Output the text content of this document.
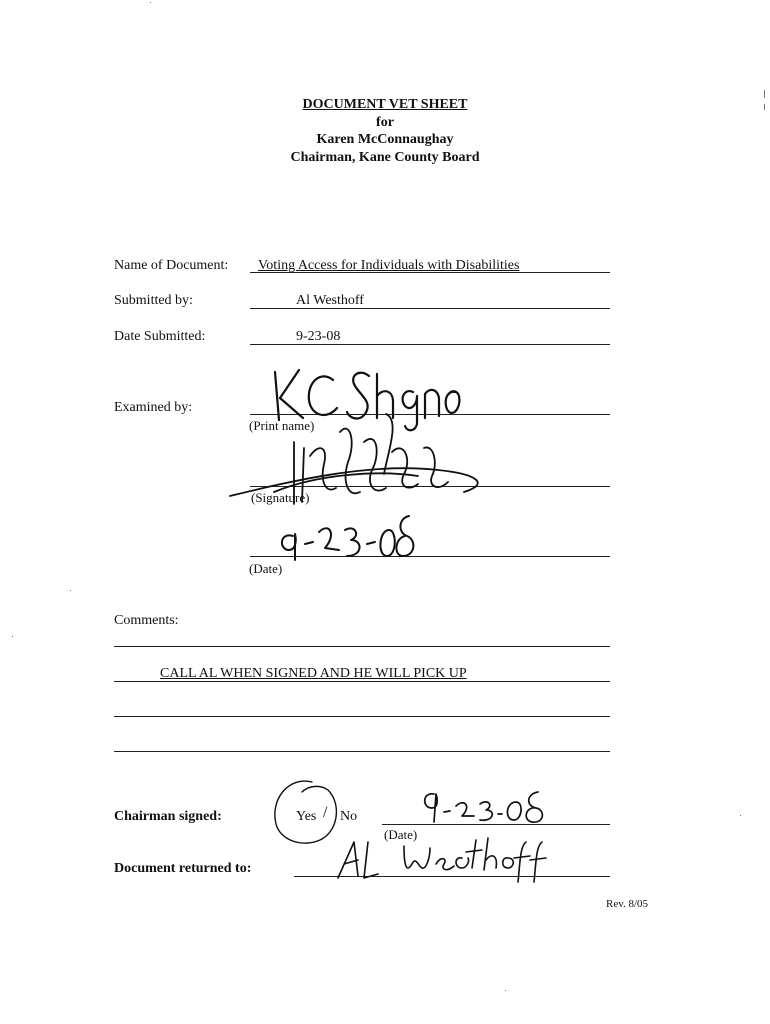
DOCUMENT VET SHEET
for
Karen McConnaughay
Chairman, Kane County Board
Name of Document: Voting Access for Individuals with Disabilities
Submitted by:	Al Westhoff
Date Submitted:	9-23-08
Examined by:
(Print name)
(Signature)
(Date)
Comments:
CALL AL WHEN SIGNED AND HE WILL PICK UP
Chairman signed:	Yes / No
(Date)
Document returned to:
Rev. 8/05
